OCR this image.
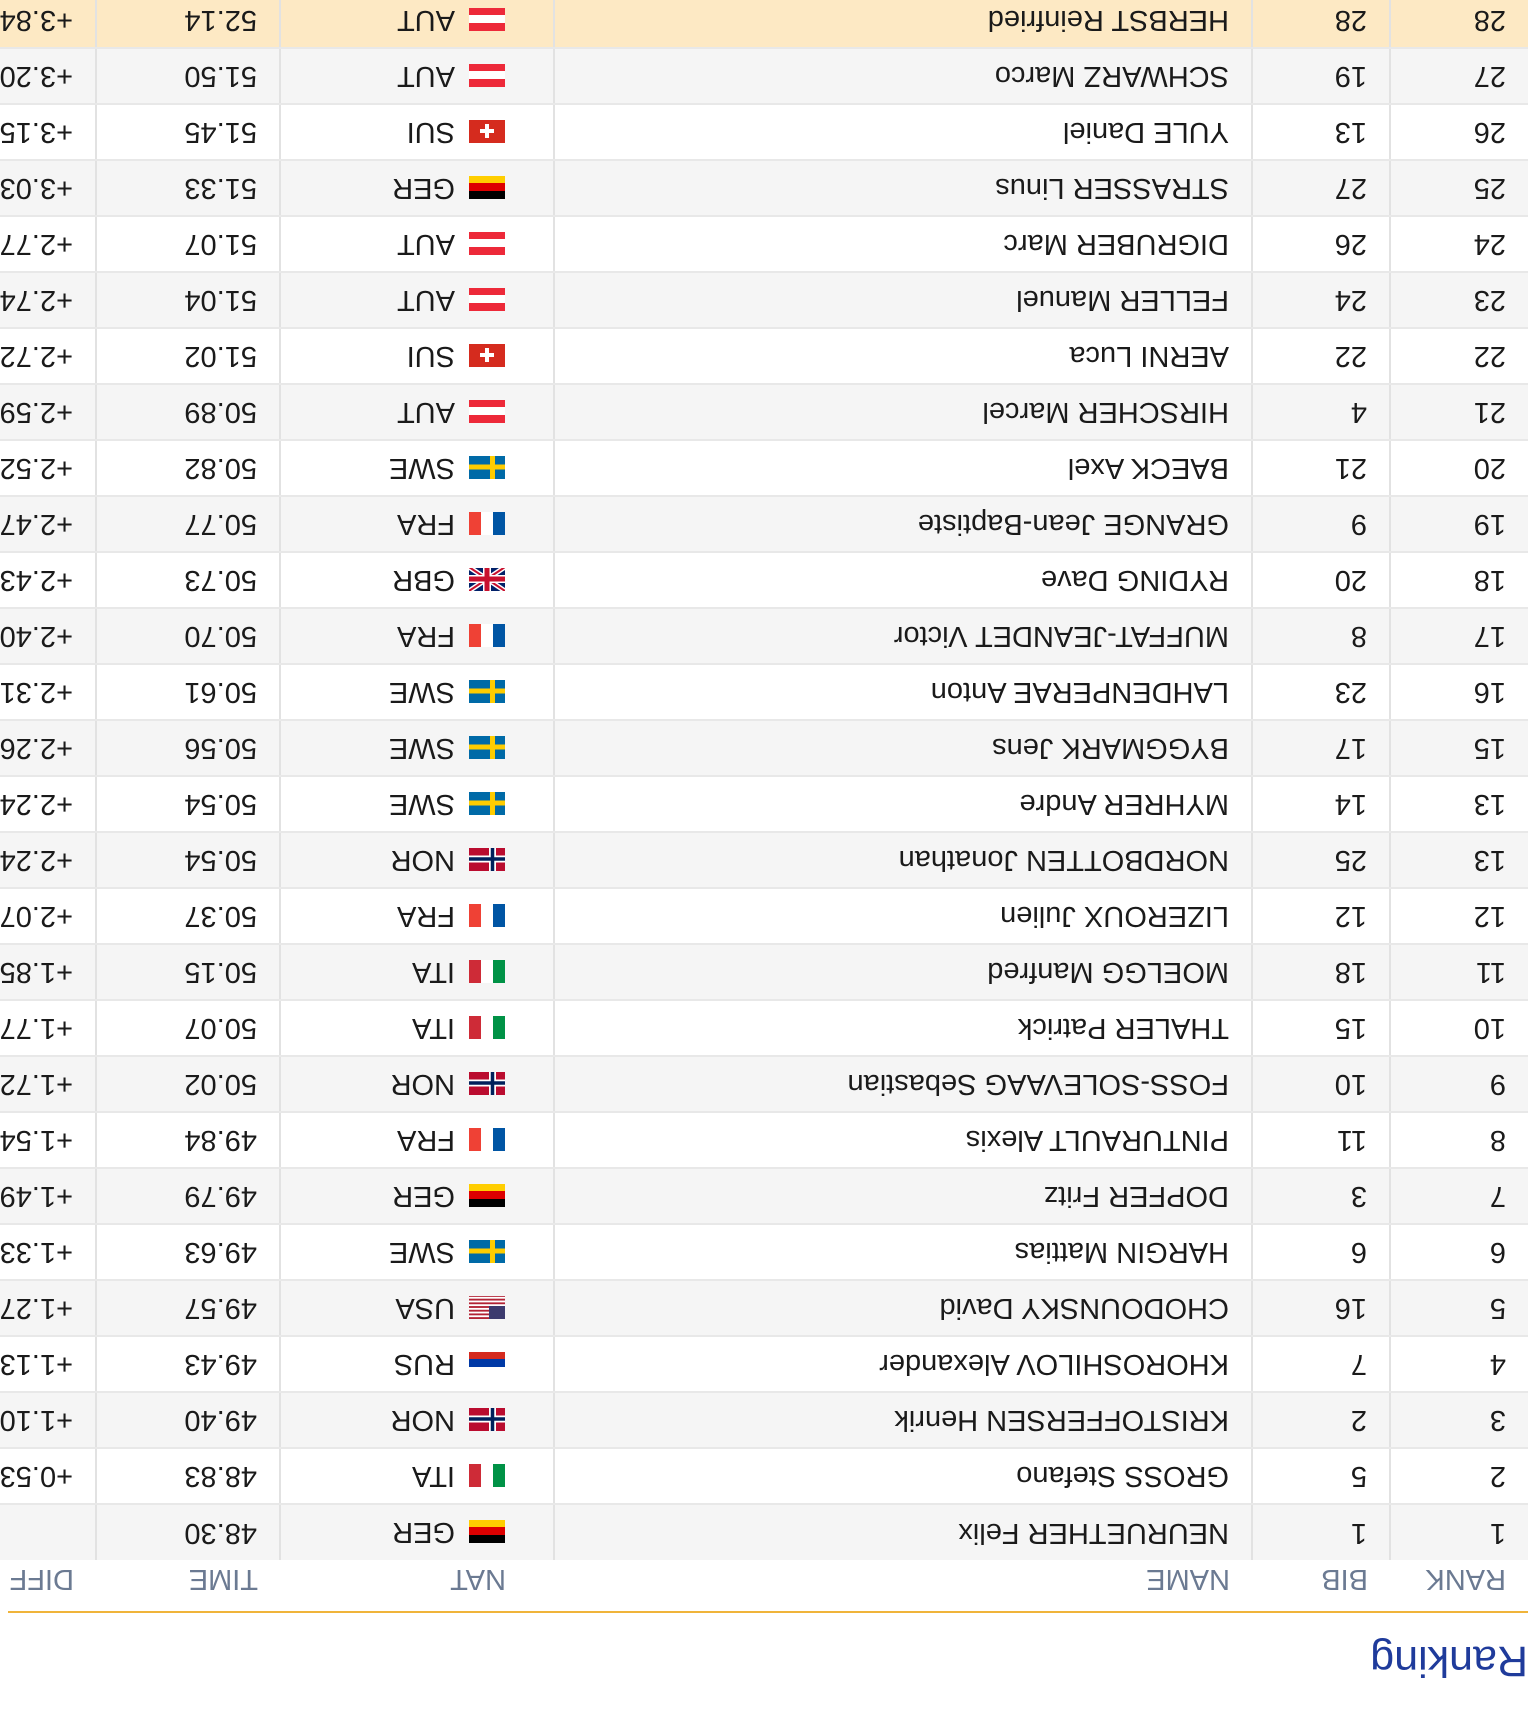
Ranking
RANK	BIB	NAME	NAT	TIME	DIFF
1	1	NEURUETHER Felix	GER	48.30	
2	5	GROSS Stefano	ITA	48.83	+0.53
3	2	KRISTOFFERSEN Henrik	NOR	49.40	+1.10
4	7	KHOROSHILOV Alexander	RUS	49.43	+1.13
5	16	CHODOUNSKY David	USA	49.57	+1.27
6	6	HARGIN Mattias	SWE	49.63	+1.33
7	3	DOPFER Fritz	GER	49.79	+1.49
8	11	PINTURAULT Alexis	FRA	49.84	+1.54
9	10	FOSS-SOLEVAAG Sebastian	NOR	50.02	+1.72
10	15	THALER Patrick	ITA	50.07	+1.77
11	18	MOELGG Manfred	ITA	50.15	+1.85
12	12	LIZEROUX Julien	FRA	50.37	+2.07
13	25	NORDBOTTEN Jonathan	NOR	50.54	+2.24
13	14	MYHRER Andre	SWE	50.54	+2.24
15	17	BYGGMARK Jens	SWE	50.56	+2.26
16	23	LAHDENPERAE Anton	SWE	50.61	+2.31
17	8	MUFFAT-JEANDET Victor	FRA	50.70	+2.40
18	20	RYDING Dave	GBR	50.73	+2.43
19	9	GRANGE Jean-Baptiste	FRA	50.77	+2.47
20	21	BAECK Axel	SWE	50.82	+2.52
21	4	HIRSCHER Marcel	AUT	50.89	+2.59
22	22	AERNI Luca	SUI	51.02	+2.72
23	24	FELLER Manuel	AUT	51.04	+2.74
24	26	DIGRUBER Marc	AUT	51.07	+2.77
25	27	STRASSER Linus	GER	51.33	+3.03
26	13	YULE Daniel	SUI	51.45	+3.15
27	19	SCHWARZ Marco	AUT	51.50	+3.20
28	28	HERBST Reinfried	AUT	52.14	+3.84
